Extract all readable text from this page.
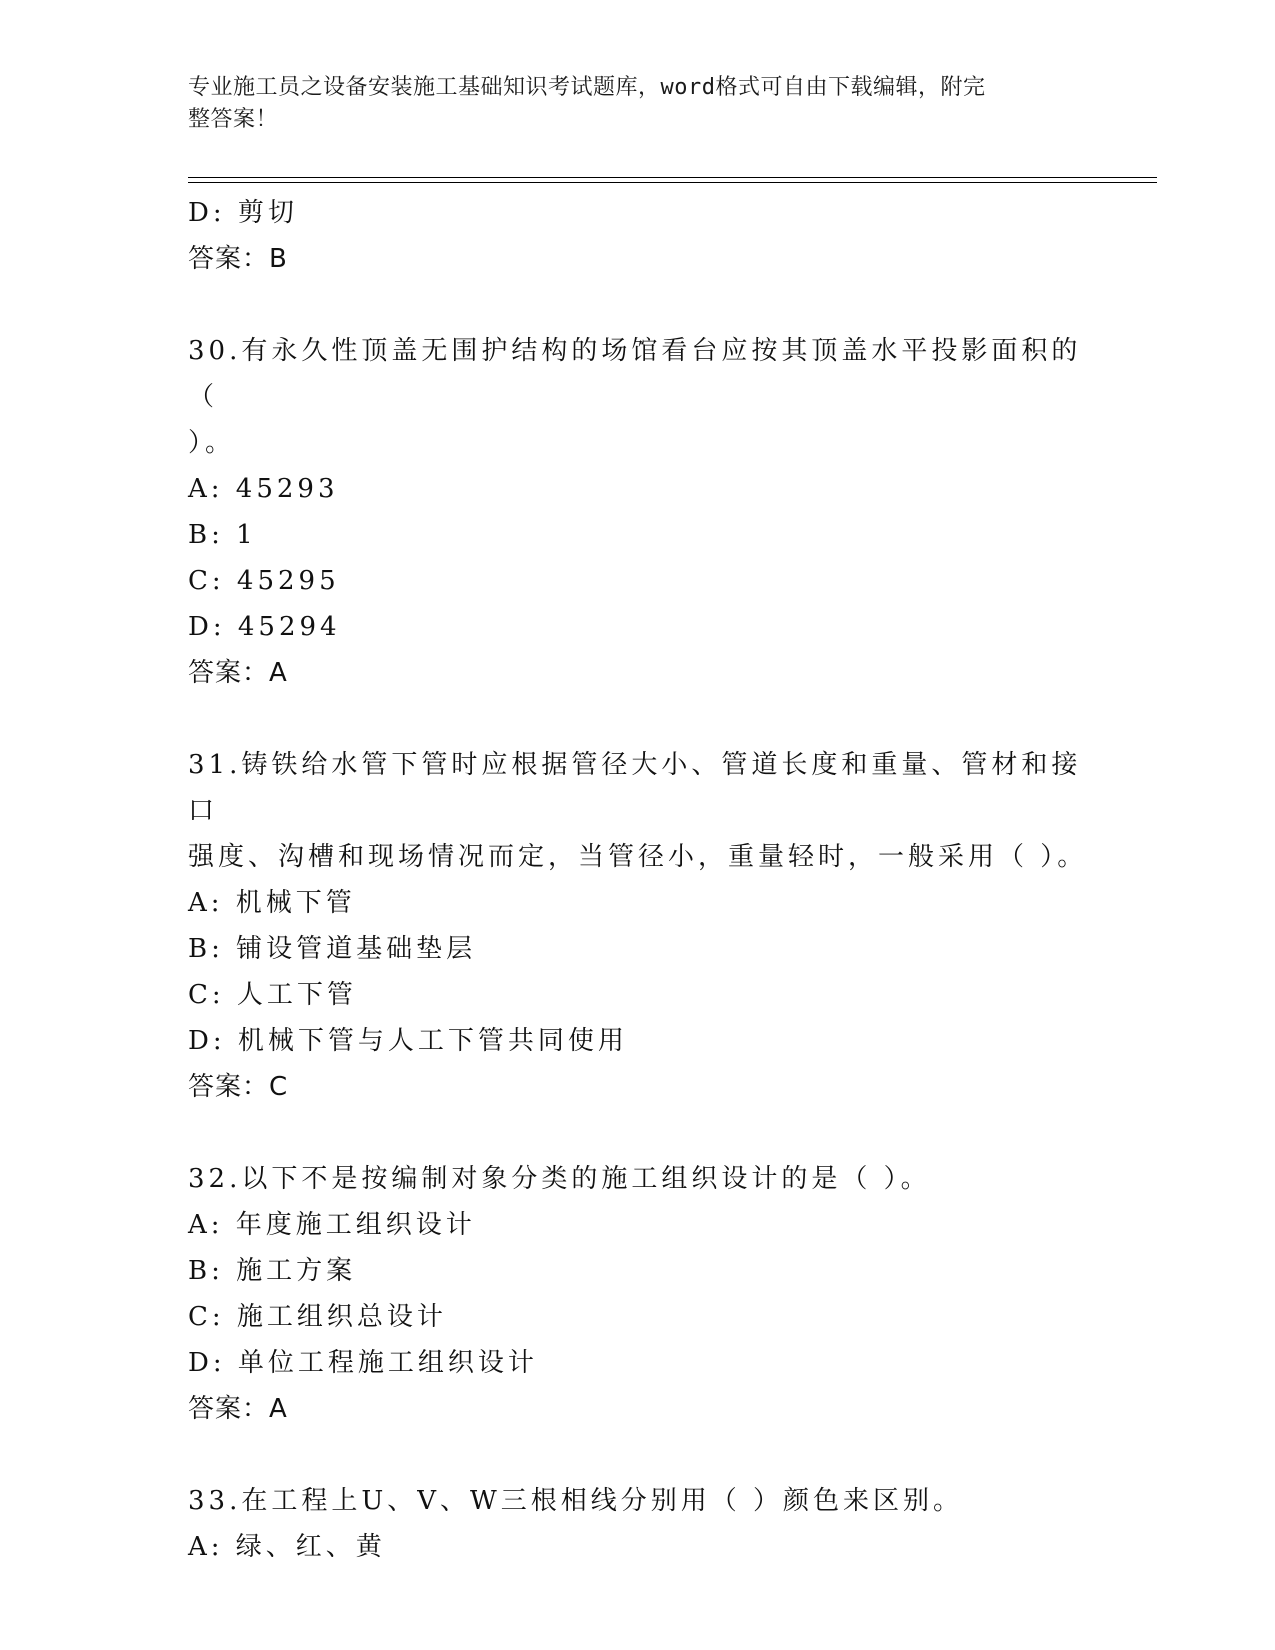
专业施工员之设备安装施工基础知识考试题库，word格式可自由下载编辑，附完
整答案！
D: 剪切
答案：B
30.有永久性顶盖无围护结构的场馆看台应按其顶盖水平投影面积的（
）。
A: 45293
B: 1
C: 45295
D: 45294
答案：A
31.铸铁给水管下管时应根据管径大小、管道长度和重量、管材和接口
强度、沟槽和现场情况而定，当管径小，重量轻时，一般采用（ ）。
A: 机械下管
B: 铺设管道基础垫层
C: 人工下管
D: 机械下管与人工下管共同使用
答案：C
32.以下不是按编制对象分类的施工组织设计的是（ ）。
A: 年度施工组织设计
B: 施工方案
C: 施工组织总设计
D: 单位工程施工组织设计
答案：A
33.在工程上U、V、W三根相线分别用（ ）颜色来区别。
A: 绿、红、黄
